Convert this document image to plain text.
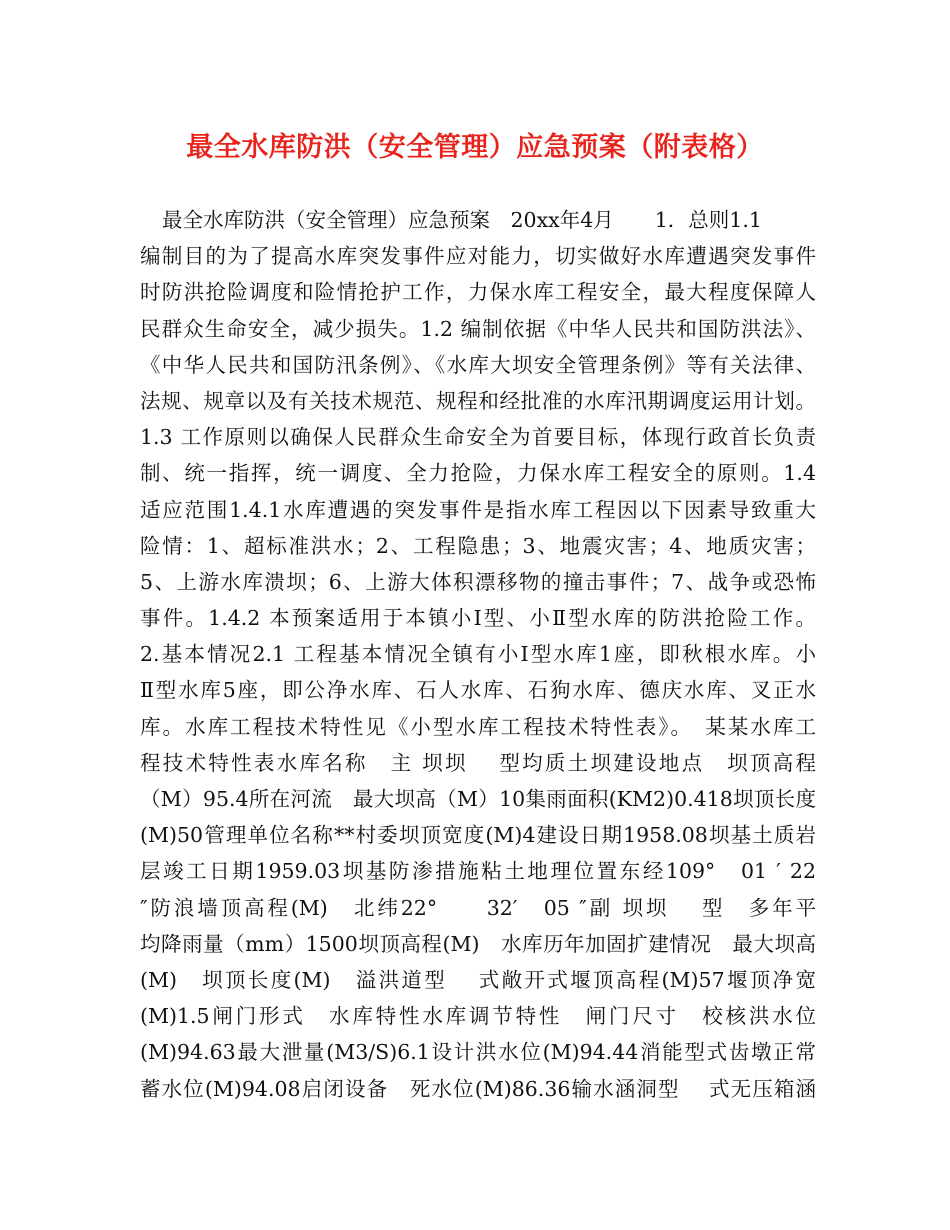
最全水库防洪（安全管理）应急预案（附表格）
最全水库防洪（安全管理）应急预案　20xx年4月　　1．总则1.1
编制目的为了提高水库突发事件应对能力，切实做好水库遭遇突发事件
时防洪抢险调度和险情抢护工作，力保水库工程安全，最大程度保障人
民群众生命安全，减少损失。1.2 编制依据《中华人民共和国防洪法》、
《中华人民共和国防汛条例》、《水库大坝安全管理条例》等有关法律、
法规、规章以及有关技术规范、规程和经批准的水库汛期调度运用计划。
1.3 工作原则以确保人民群众生命安全为首要目标，体现行政首长负责
制、统一指挥，统一调度、全力抢险，力保水库工程安全的原则。1.4
适应范围1.4.1水库遭遇的突发事件是指水库工程因以下因素导致重大
险情：1、超标准洪水；2、工程隐患；3、地震灾害；4、地质灾害；
5、上游水库溃坝；6、上游大体积漂移物的撞击事件；7、战争或恐怖
事件。1.4.2 本预案适用于本镇小Ⅰ型、小Ⅱ型水库的防洪抢险工作。
2.基本情况2.1 工程基本情况全镇有小Ⅰ型水库1座，即秋根水库。小
Ⅱ型水库5座，即公净水库、石人水库、石狗水库、德庆水库、叉正水
库。水库工程技术特性见《小型水库工程技术特性表》。　某某水库工
程技术特性表水库名称　主 坝坝　 型均质土坝建设地点　坝顶高程
（M）95.4所在河流　最大坝高（M）10集雨面积(KM2)0.418坝顶长度
(M)50管理单位名称**村委坝顶宽度(M)4建设日期1958.08坝基土质岩
层竣工日期1959.03坝基防渗措施粘土地理位置东经109°　01 ′ 22
″防浪墙顶高程(M)　北纬22°　　32′　05 ″副 坝坝　 型　多年平
均降雨量（mm）1500坝顶高程(M)　水库历年加固扩建情况　最大坝高
(M)　坝顶长度(M)　溢洪道型　 式敞开式堰顶高程(M)57堰顶净宽
(M)1.5闸门形式　水库特性水库调节特性　闸门尺寸　校核洪水位
(M)94.63最大泄量(M3/S)6.1设计洪水位(M)94.44消能型式齿墩正常
蓄水位(M)94.08启闭设备　死水位(M)86.36输水涵洞型　 式无压箱涵
